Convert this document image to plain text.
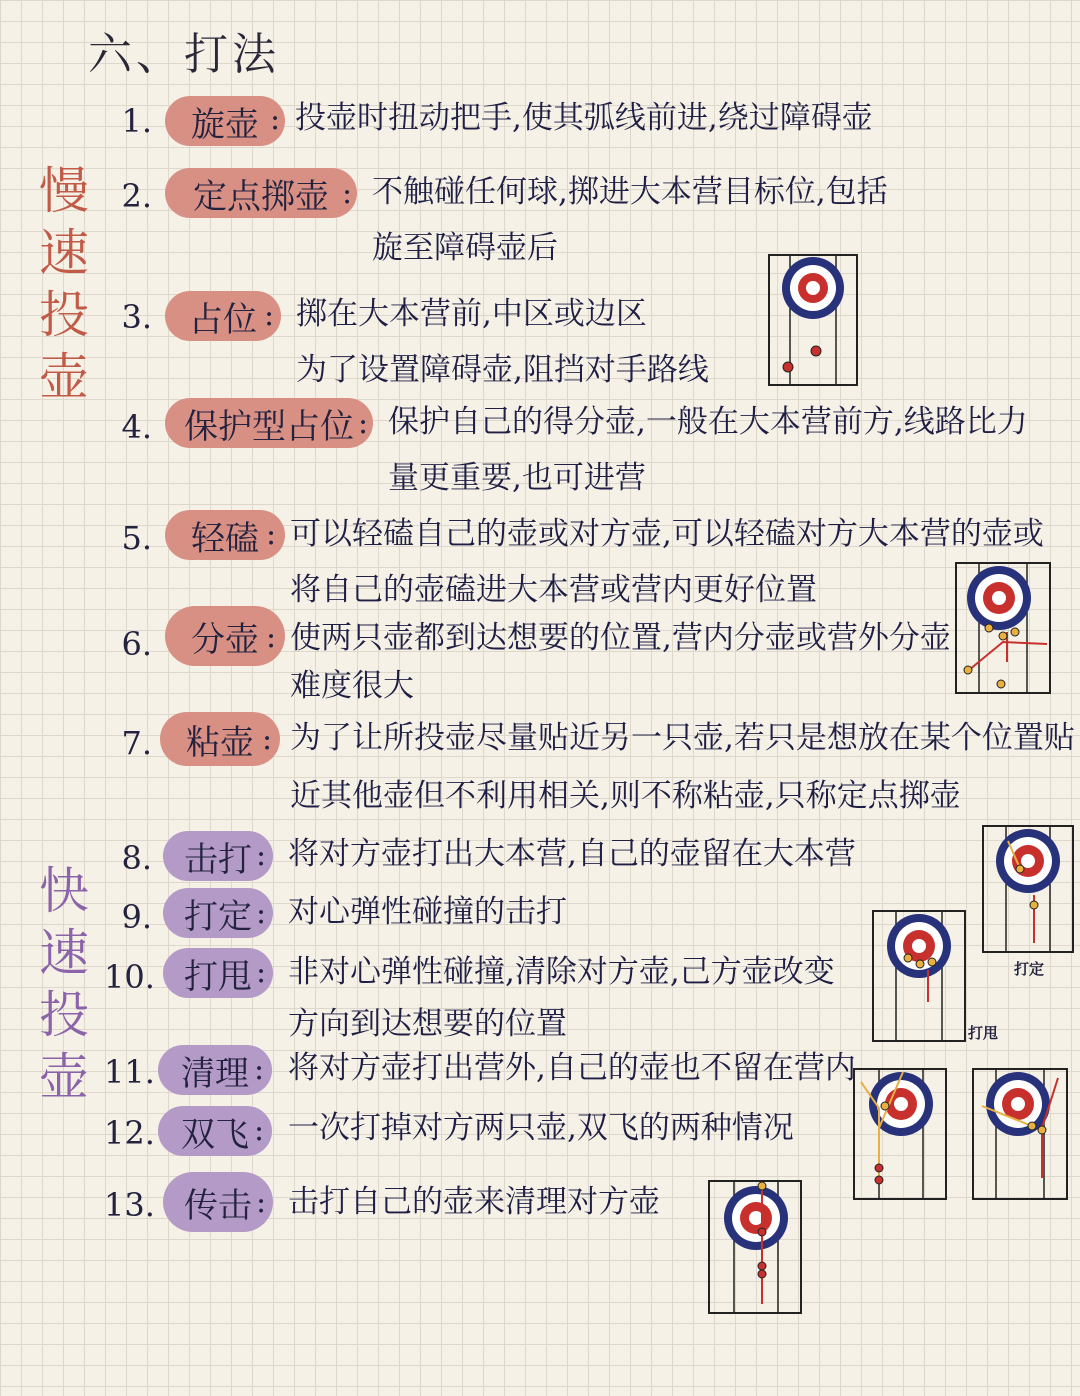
六、打法
慢
速
投
壶
快
速
投
壶
1.	旋壶 : 投壶时扭动把手,使其弧线前进,绕过障碍壶
2.	定点掷壶 : 不触碰任何球,掷进大本营目标位,包括
旋至障碍壶后
3.	占位 : 掷在大本营前,中区或边区
为了设置障碍壶,阻挡对手路线
4. 保护型占位 : 保护自己的得分壶,一般在大本营前方,线路比力
量更重要,也可进营
5.	轻磕 : 可以轻磕自己的壶或对方壶,可以轻磕对方大本营的壶或
将自己的壶磕进大本营或营内更好位置
6.	分壶 : 使两只壶都到达想要的位置,营内分壶或营外分壶
难度很大
7.	粘壶 : 为了让所投壶尽量贴近另一只壶,若只是想放在某个位置贴
近其他壶但不利用相关,则不称粘壶,只称定点掷壶
8. 击打 : 将对方壶打出大本营,自己的壶留在大本营
9. 打定 : 对心弹性碰撞的击打
10. 打甩 : 非对心弹性碰撞,清除对方壶,己方壶改变
方向到达想要的位置
11. 清理 : 将对方壶打出营外,自己的壶也不留在营内
12. 双飞 : 一次打掉对方两只壶,双飞的两种情况
13. 传击 : 击打自己的壶来清理对方壶
打定
打甩
